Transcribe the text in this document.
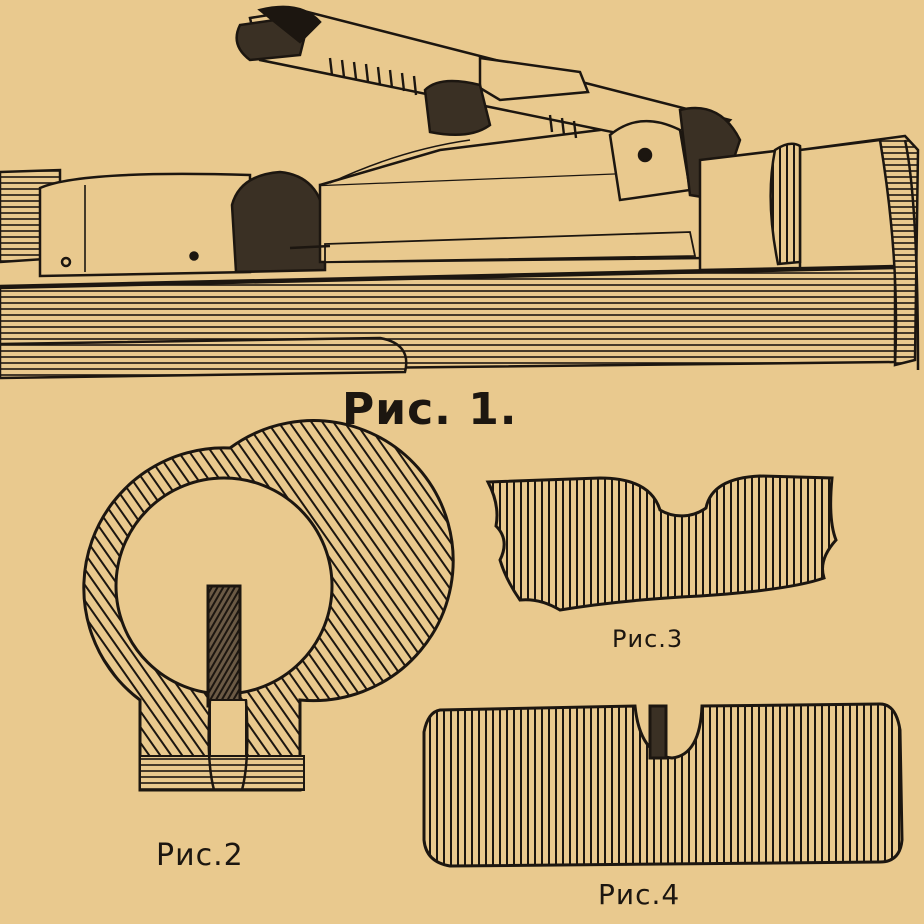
Рис. 1.
Рис.2
Рис.3
Рис.4
